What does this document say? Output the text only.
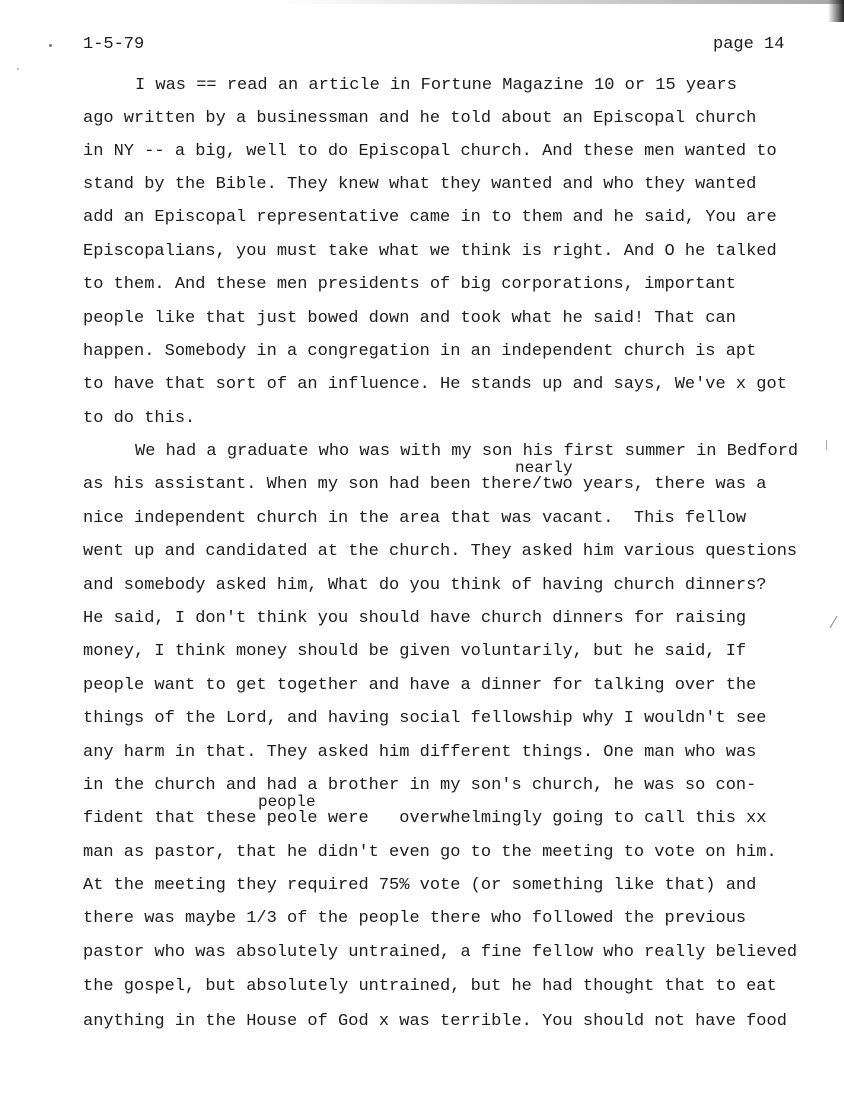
1-5-79	page 14
I was == read an article in Fortune Magazine 10 or 15 years
ago written by a businessman and he told about an Episcopal church
in NY -- a big, well to do Episcopal church. And these men wanted to
stand by the Bible. They knew what they wanted and who they wanted
add an Episcopal representative came in to them and he said, You are
Episcopalians, you must take what we think is right. And O he talked
to them. And these men presidents of big corporations, important
people like that just bowed down and took what he said! That can
happen. Somebody in a congregation in an independent church is apt
to have that sort of an influence. He stands up and says, We've x got
to do this.
We had a graduate who was with my son his first summer in Bedford
nearly
as his assistant. When my son had been there/two years, there was a
nice independent church in the area that was vacant.  This fellow
went up and candidated at the church. They asked him various questions
and somebody asked him, What do you think of having church dinners?
He said, I don't think you should have church dinners for raising
money, I think money should be given voluntarily, but he said, If
people want to get together and have a dinner for talking over the
things of the Lord, and having social fellowship why I wouldn't see
any harm in that. They asked him different things. One man who was
in the church and had a brother in my son's church, he was so con-
people
fident that these peole were   overwhelmingly going to call this xx
man as pastor, that he didn't even go to the meeting to vote on him.
At the meeting they required 75% vote (or something like that) and
there was maybe 1/3 of the people there who followed the previous
pastor who was absolutely untrained, a fine fellow who really believed
the gospel, but absolutely untrained, but he had thought that to eat
anything in the House of God x was terrible. You should not have food
